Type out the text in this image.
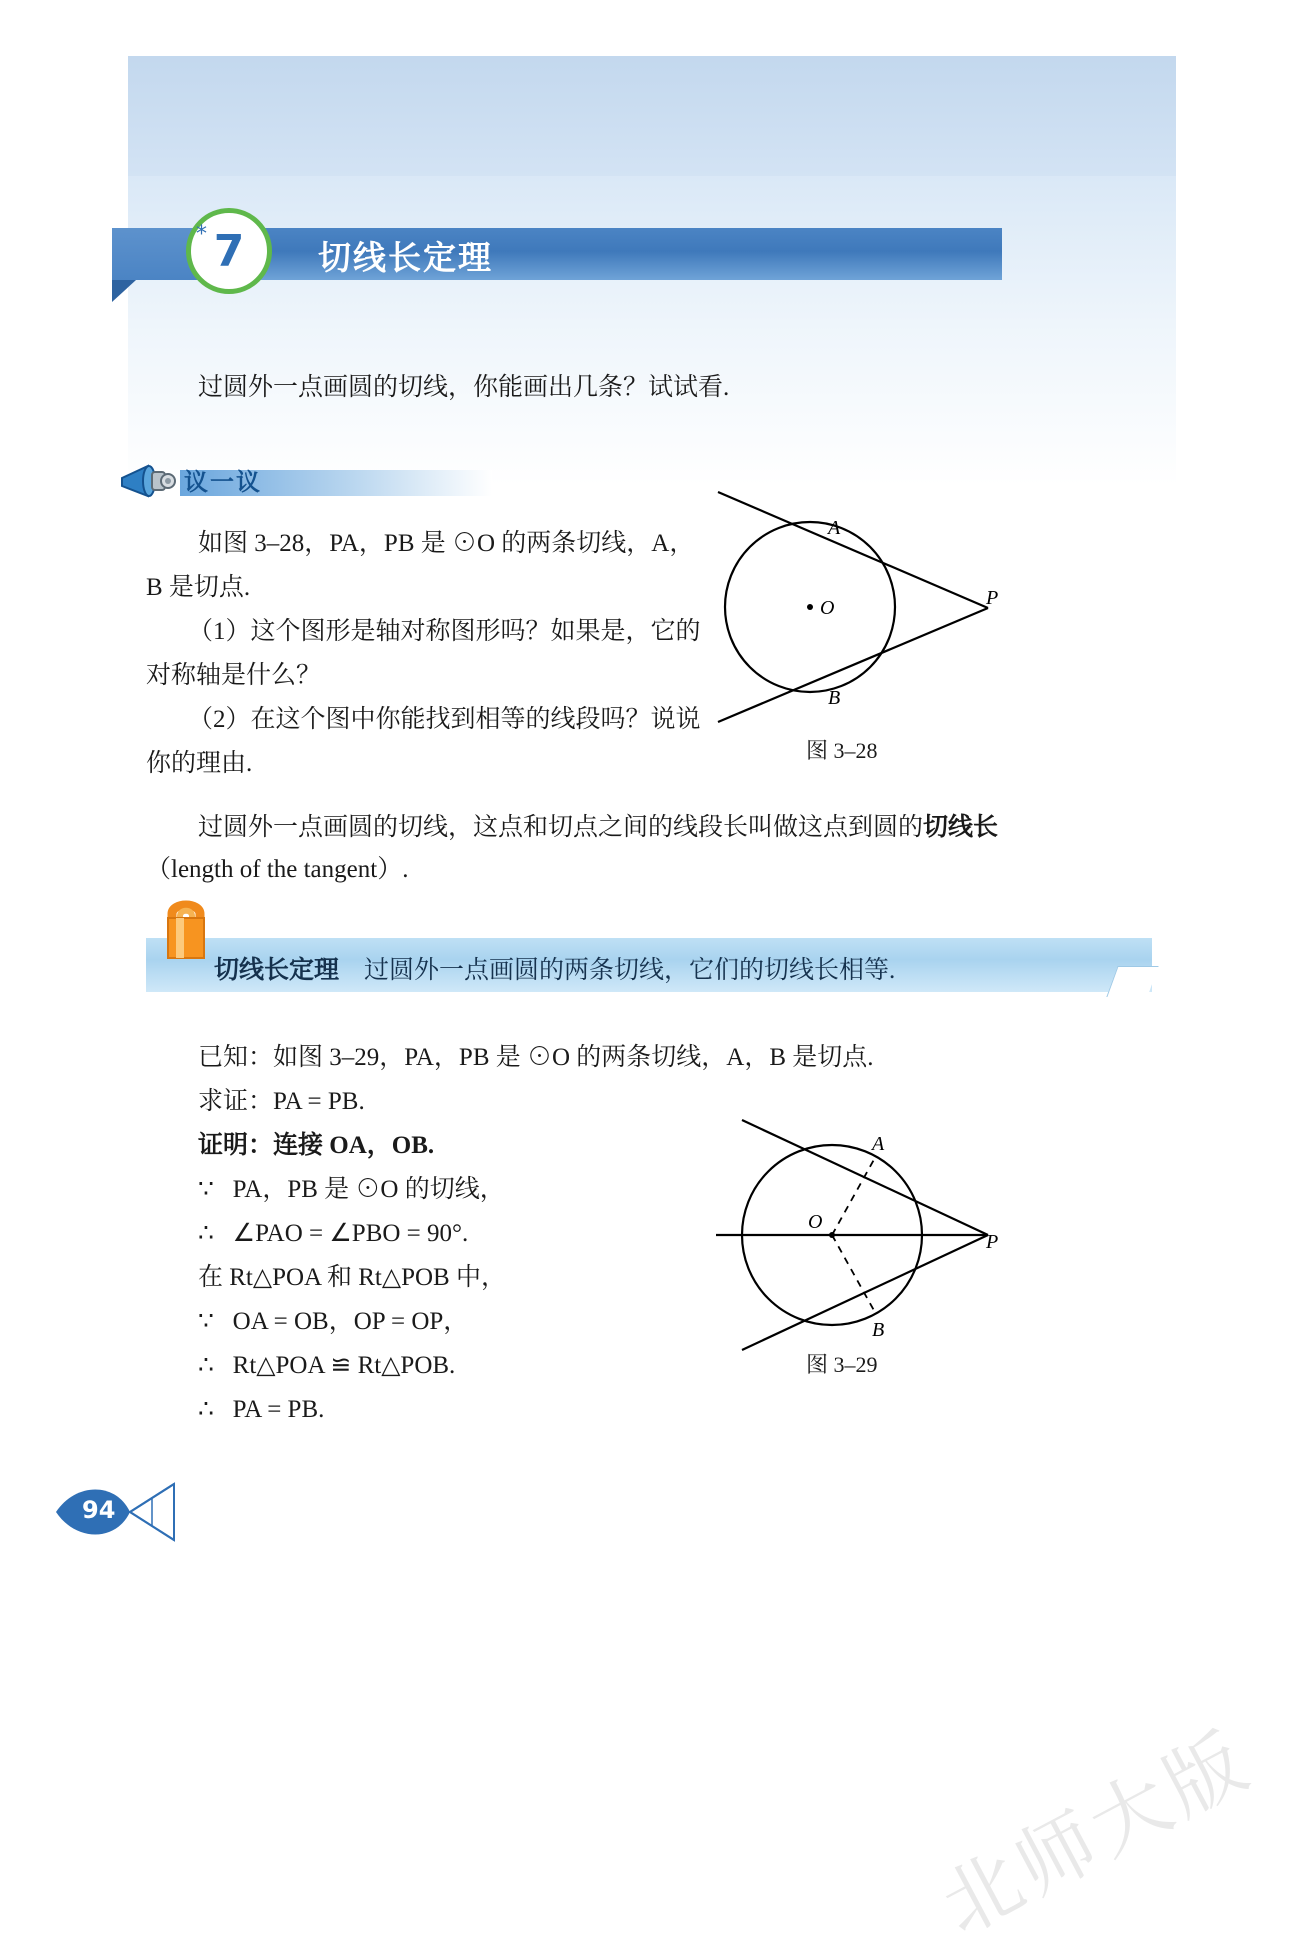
北师大版
7
*
切线长定理
过圆外一点画圆的切线，你能画出几条？试试看.
议一议
如图 3–28，PA，PB 是 ⊙O 的两条切线，A，
B 是切点.
（1）这个图形是轴对称图形吗？如果是，它的
对称轴是什么？
（2）在这个图中你能找到相等的线段吗？说说
你的理由.
A
B
O	P
图 3–28
过圆外一点画圆的切线，这点和切点之间的线段长叫做这点到圆的切线长
（length of the tangent）.
切线长定理　 过圆外一点画圆的两条切线，它们的切线长相等.
已知：如图 3–29，PA，PB 是 ⊙O 的两条切线，A，B 是切点.
求证：PA = PB.
证明：连接 OA，OB.
∵   PA，PB 是 ⊙O 的切线，
∴   ∠PAO = ∠PBO = 90°.
在 Rt△POA 和 Rt△POB 中，
∵   OA = OB，OP = OP，
∴   Rt△POA ≌ Rt△POB.
∴   PA = PB.
A
B
O
P
图 3–29
94
